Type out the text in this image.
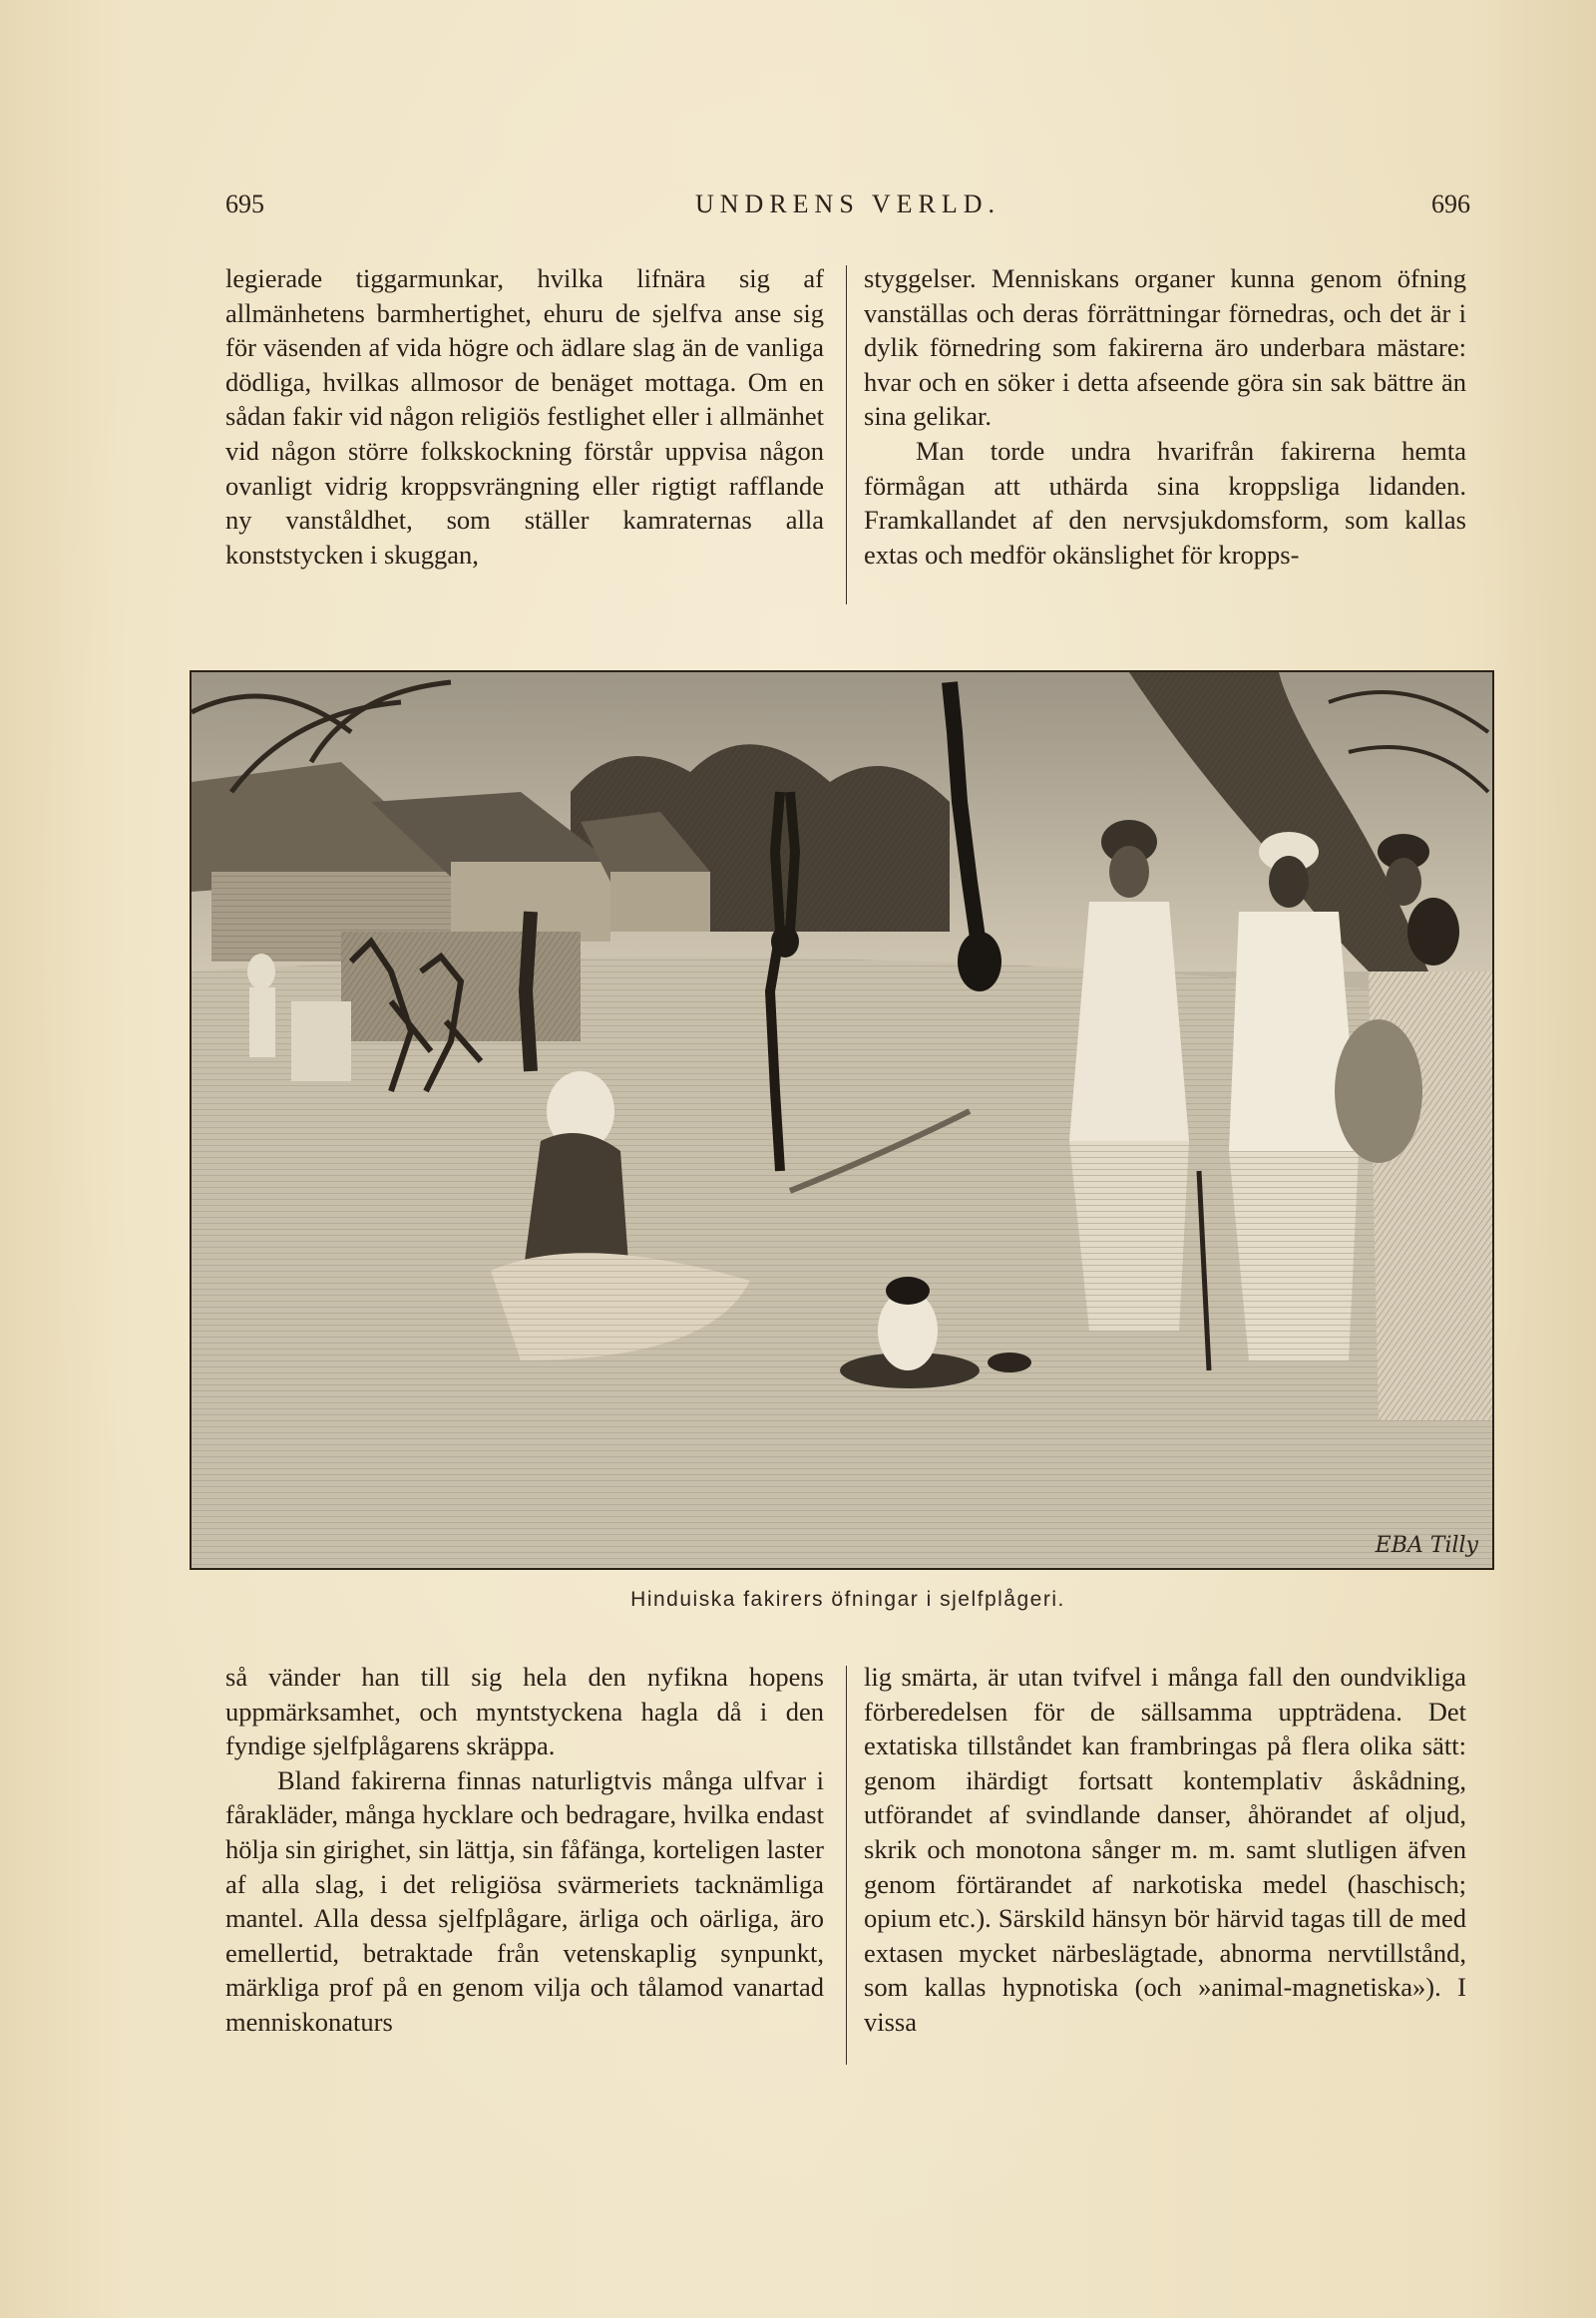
695	UNDRENS VERLD.	696

legierade tiggarmunkar, hvilka lifnära sig af allmänhetens barmhertighet, ehuru de sjelfva anse sig för väsenden af vida högre och ädlare slag än de vanliga dödliga, hvilkas allmosor de benäget mottaga. Om en sådan fakir vid någon religiös festlighet eller i allmänhet vid någon större folkskockning förstår uppvisa någon ovanligt vidrig kroppsvrängning eller rigtigt rafflande ny vanståldhet, som ställer kamraternas alla konststycken i skuggan,

styggelser. Menniskans organer kunna genom öfning vanställas och deras förrättningar förnedras, och det är i dylik förnedring som fakirerna äro underbara mästare: hvar och en söker i detta afseende göra sin sak bättre än sina gelikar.

Man torde undra hvarifrån fakirerna hemta förmågan att uthärda sina kroppsliga lidanden. Framkallandet af den nervsjukdomsform, som kallas extas och medför okänslighet för kropps-

EBA Tilly
Hinduiska fakirers öfningar i sjelfplågeri.

så vänder han till sig hela den nyfikna hopens uppmärksamhet, och myntstyckena hagla då i den fyndige sjelfplågarens skräppa.

Bland fakirerna finnas naturligtvis många ulfvar i fårakläder, många hycklare och bedragare, hvilka endast hölja sin girighet, sin lättja, sin fåfänga, korteligen laster af alla slag, i det religiösa svärmeriets tacknämliga mantel. Alla dessa sjelfplågare, ärliga och oärliga, äro emellertid, betraktade från vetenskaplig synpunkt, märkliga prof på en genom vilja och tålamod vanartad menniskonaturs

lig smärta, är utan tvifvel i många fall den oundvikliga förberedelsen för de sällsamma uppträdena. Det extatiska tillståndet kan frambringas på flera olika sätt: genom ihärdigt fortsatt kontemplativ åskådning, utförandet af svindlande danser, åhörandet af oljud, skrik och monotona sånger m. m. samt slutligen äfven genom förtärandet af narkotiska medel (haschisch; opium etc.). Särskild hänsyn bör härvid tagas till de med extasen mycket närbeslägtade, abnorma nervtillstånd, som kallas hypnotiska (och »animal-magnetiska»). I vissa
